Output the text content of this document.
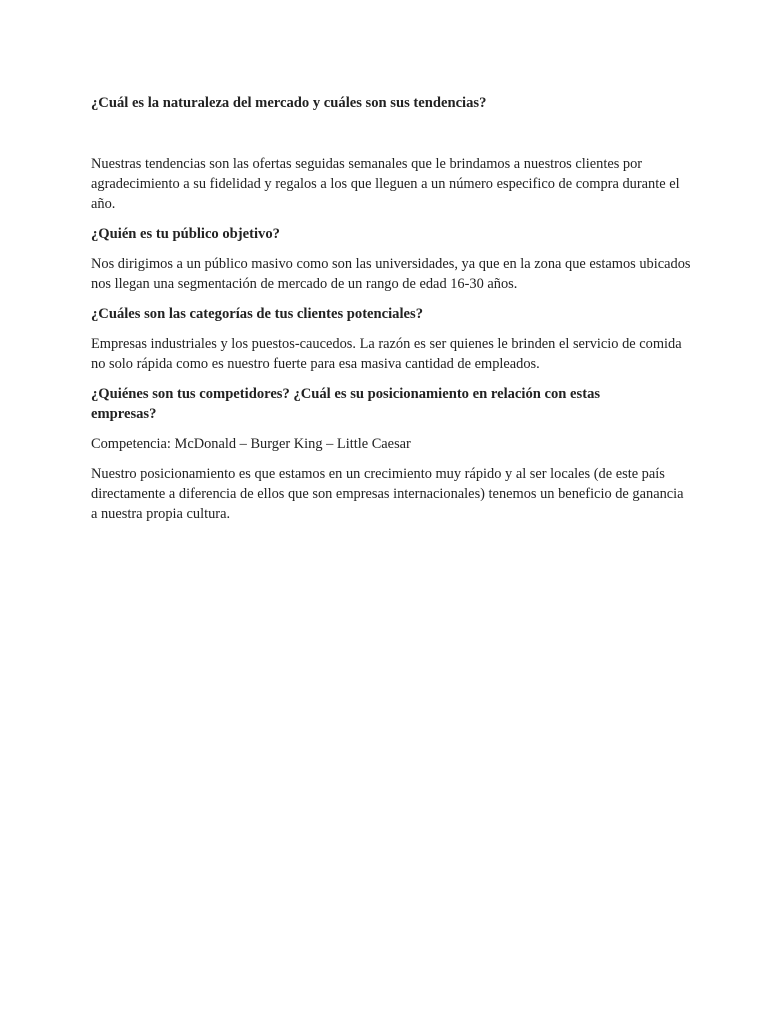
¿Cuál es la naturaleza del mercado y cuáles son sus tendencias?

Nuestras tendencias son las ofertas seguidas semanales que le brindamos a nuestros clientes por agradecimiento a su fidelidad y regalos a los que lleguen a un número especifico de compra durante el año.

¿Quién es tu público objetivo?

Nos dirigimos a un público masivo como son las universidades, ya que en la zona que estamos ubicados nos llegan una segmentación de mercado de un rango de edad 16-30 años.

¿Cuáles son las categorías de tus clientes potenciales?

Empresas industriales y los puestos-caucedos. La razón es ser quienes le brinden el servicio de comida no solo rápida como es nuestro fuerte para esa masiva cantidad de empleados.

¿Quiénes son tus competidores? ¿Cuál es su posicionamiento en relación con estas empresas?

Competencia: McDonald – Burger King – Little Caesar

Nuestro posicionamiento es que estamos en un crecimiento muy rápido y al ser locales (de este país directamente a diferencia de ellos que son empresas internacionales) tenemos un beneficio de ganancia a nuestra propia cultura.
